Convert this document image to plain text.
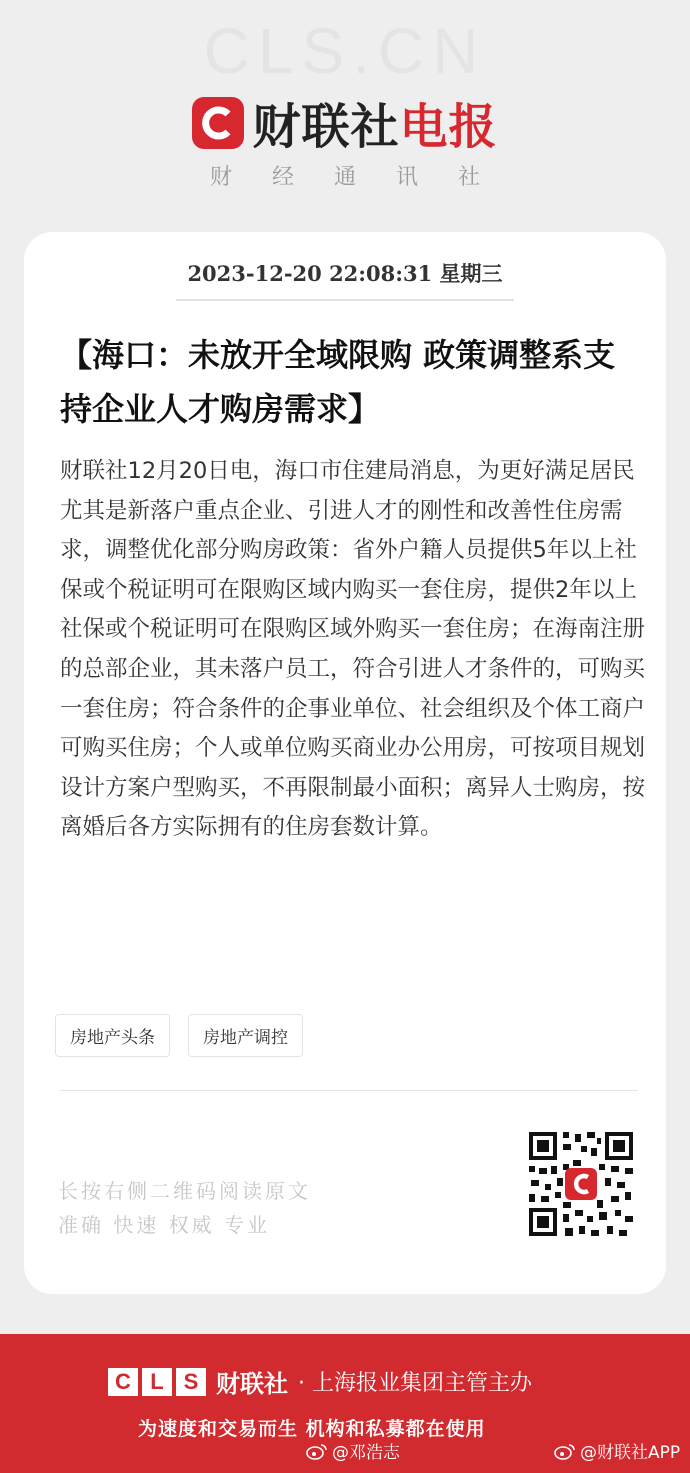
CLS.CN
财联社电报
财经通讯社
2023-12-20 22:08:31 星期三
【海口：未放开全域限购 政策调整系支持企业人才购房需求】
财联社12月20日电，海口市住建局消息，为更好满足居民尤其是新落户重点企业、引进人才的刚性和改善性住房需求，调整优化部分购房政策：省外户籍人员提供5年以上社保或个税证明可在限购区域内购买一套住房，提供2年以上社保或个税证明可在限购区域外购买一套住房；在海南注册的总部企业，其未落户员工，符合引进人才条件的，可购买一套住房；符合条件的企事业单位、社会组织及个体工商户可购买住房；个人或单位购买商业办公用房，可按项目规划设计方案户型购买，不再限制最小面积；离异人士购房，按离婚后各方实际拥有的住房套数计算。
房地产头条	房地产调控
长按右侧二维码阅读原文
准确 快速 权威 专业
C L S 财联社 · 上海报业集团主管主办
为速度和交易而生 机构和私募都在使用
@邓浩志	@财联社APP
